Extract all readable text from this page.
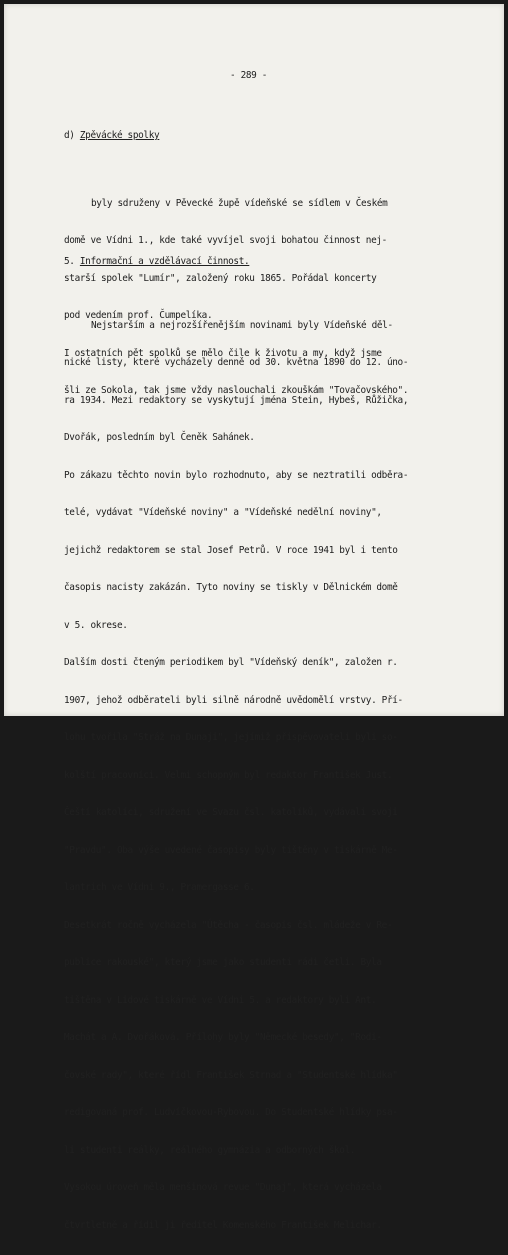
- 289 -

d) Zpěvácké spolky

byly sdruženy v Pěvecké župě vídeňské se sídlem v Českém

domě ve Vídni 1., kde také vyvíjel svoji bohatou činnost nej-

starší spolek "Lumír", založený roku 1865. Pořádal koncerty

pod vedením prof. Čumpelíka.

I ostatních pět spolků se mělo čile k životu a my, když jsme

šli ze Sokola, tak jsme vždy naslouchali zkouškám "Tovačovského".

5. Informační a vzdělávací činnost.

Nejstarším a nejrozšířenějším novinami byly Vídeňské děl-

nické listy, které vycházely denně od 30. května 1890 do 12. úno-

ra 1934. Mezi redaktory se vyskytují jména Stein, Hybeš, Růžička,

Dvořák, posledním byl Čeněk Sahánek.

Po zákazu těchto novin bylo rozhodnuto, aby se neztratili odběra-

telé, vydávat "Vídeňské noviny" a "Vídeňské nedělní noviny",

jejichž redaktorem se stal Josef Petrů. V roce 1941 byl i tento

časopis nacisty zakázán. Tyto noviny se tiskly v Dělnickém domě

v 5. okrese.

Dalším dosti čteným periodikem byl "Vídeňský deník", založen r.

1907, jehož odběrateli byli silně národně uvědomělí vrstvy. Pří-

lohu tvořila "Stráž na Dunaji", jejímiž přispěvovateli byli so-

kolští pracovníci. Velmi schopným byl redaktor František Just.

Čeští katolíci, sdružení ve Svazu čsl. katolíků, vydávali svoji

"Pravdu". Oba výše uvedené časopisy byly tištěny v tiskárně Me-

lantrich ve Vídni 9., Pramergasse 6.

Desetkrát ročně vycházela "Útěcha - časopis čsl. mládeže v Re-

publice rakouské", který jsme jako studenti rádi četli. Byla

tištěna v Lidové tiskárně ve Vídni 5. a redaktory byli Ant.

Machát a A. Dvořáková. Přílohy byly "Německé besedy", "Rodi-

čovské rady", které řídl František Strnad a "Studentské hlídka"

redigovaná prof. Ludvíčkovou-Rybovou. Do Studentské hlídky psa-

li studenti reálky, reálného gymnázia a odborných škol.

Vysokou úroveň měla menšinová revue "Dunaj", která vycházela

čtvrtletně a řídil ji ředitel Komenského František Melichar.
